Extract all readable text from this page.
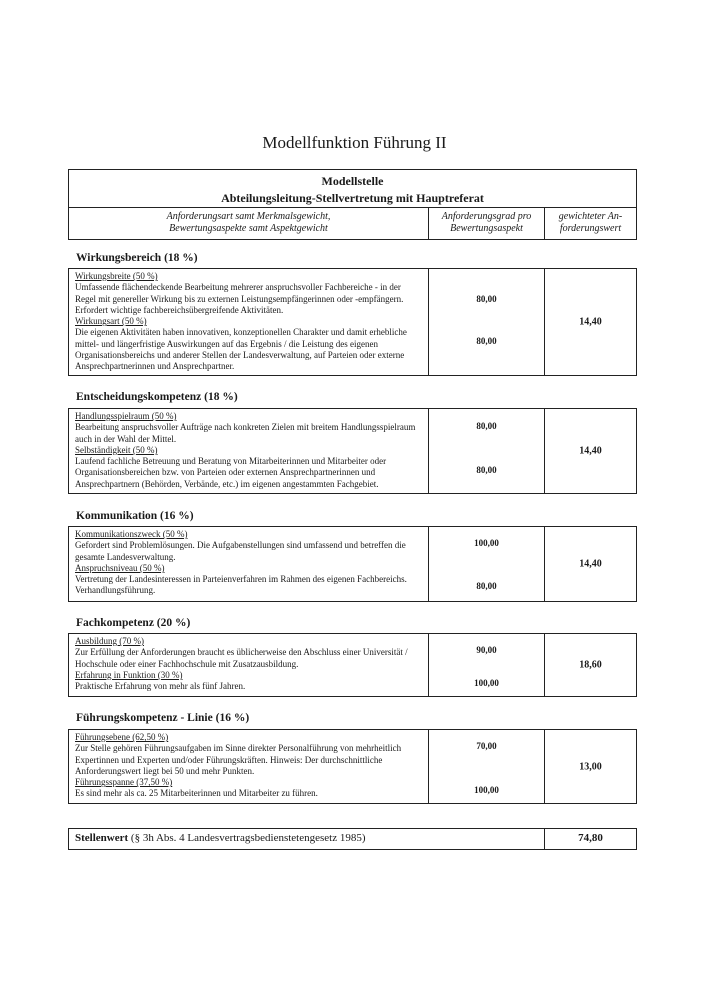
Modellfunktion Führung II
Modellstelle
Abteilungsleitung-Stellvertretung mit Hauptreferat
Anforderungsart samt Merkmalsgewicht,
Bewertungsaspekte samt Aspektgewicht
Anforderungsgrad pro
Bewertungsaspekt
gewichteter An-
forderungswert
Wirkungsbereich (18 %)
Wirkungsbreite (50 %)
Umfassende flächendeckende Bearbeitung mehrerer anspruchsvoller Fachbereiche - in der Regel mit genereller Wirkung bis zu externen Leistungsempfängerinnen oder -empfängern. Erfordert wichtige fachbereichsübergreifende Aktivitäten.
Wirkungsart (50 %)
Die eigenen Aktivitäten haben innovativen, konzeptionellen Charakter und damit erhebliche mittel- und längerfristige Auswirkungen auf das Ergebnis / die Leistung des eigenen Organisationsbereichs und anderer Stellen der Landesverwaltung, auf Parteien oder externe Ansprechpartnerinnen und Ansprechpartner.
80,00
80,00
14,40
Entscheidungskompetenz (18 %)
Handlungsspielraum (50 %)
Bearbeitung anspruchsvoller Aufträge nach konkreten Zielen mit breitem Handlungsspielraum auch in der Wahl der Mittel.
Selbständigkeit (50 %)
Laufend fachliche Betreuung und Beratung von Mitarbeiterinnen und Mitarbeiter oder Organisationsbereichen bzw. von Parteien oder externen Ansprechpartnerinnen und Ansprechpartnern (Behörden, Verbände, etc.) im eigenen angestammten Fachgebiet.
80,00
80,00
14,40
Kommunikation (16 %)
Kommunikationszweck (50 %)
Gefordert sind Problemlösungen. Die Aufgabenstellungen sind umfassend und betreffen die gesamte Landesverwaltung.
Anspruchsniveau (50 %)
Vertretung der Landesinteressen in Parteienverfahren im Rahmen des eigenen Fachbereichs. Verhandlungsführung.
100,00
80,00
14,40
Fachkompetenz (20 %)
Ausbildung (70 %)
Zur Erfüllung der Anforderungen braucht es üblicherweise den Abschluss einer Universität / Hochschule oder einer Fachhochschule mit Zusatzausbildung.
Erfahrung in Funktion (30 %)
Praktische Erfahrung von mehr als fünf Jahren.
90,00
100,00
18,60
Führungskompetenz - Linie (16 %)
Führungsebene (62,50 %)
Zur Stelle gehören Führungsaufgaben im Sinne direkter Personalführung von mehrheitlich Expertinnen und Experten und/oder Führungskräften. Hinweis: Der durchschnittliche Anforderungswert liegt bei 50 und mehr Punkten.
Führungsspanne (37,50 %)
Es sind mehr als ca. 25 Mitarbeiterinnen und Mitarbeiter zu führen.
70,00
100,00
13,00
Stellenwert (§ 3h Abs. 4 Landesvertragsbedienstetengesetz 1985)	74,80
